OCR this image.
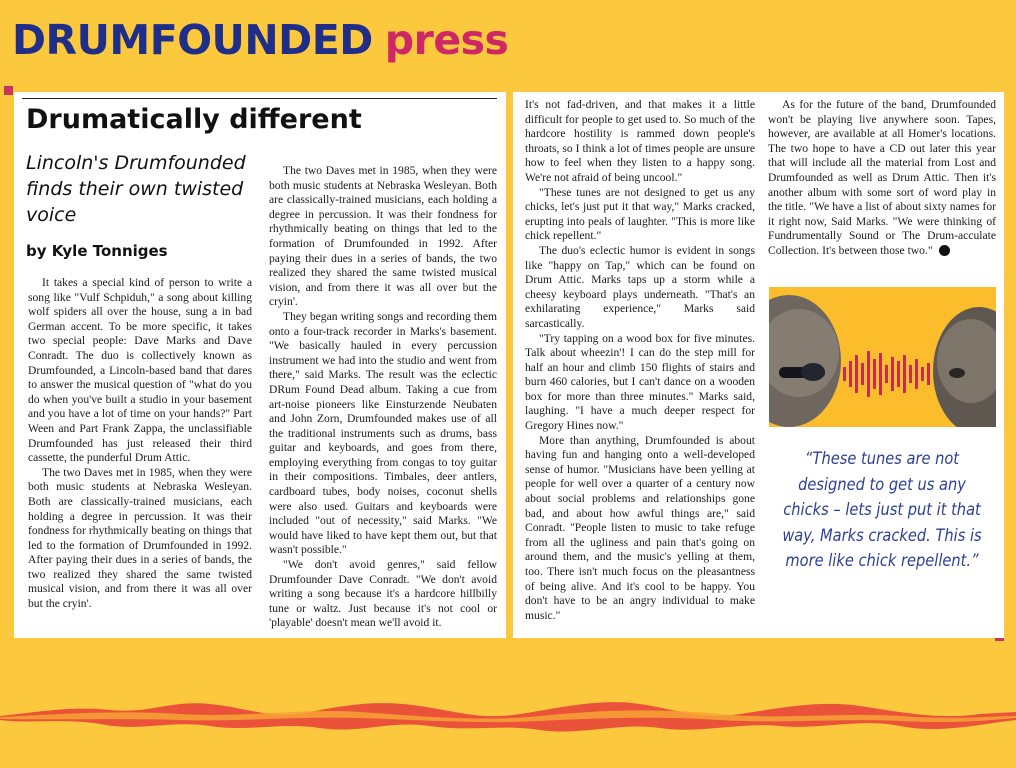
DRUMFOUNDED press
Drumatically different
Lincoln's Drumfounded finds their own twisted voice
by Kyle Tonniges

It takes a special kind of person to write a song like "Vulf Schpiduh," a song about killing wolf spiders all over the house, sung a in bad German accent. To be more specific, it takes two special people: Dave Marks and Dave Conradt. The duo is collectively known as Drumfounded, a Lincoln-based band that dares to answer the musical question of "what do you do when you've built a studio in your basement and you have a lot of time on your hands?" Part Ween and Part Frank Zappa, the unclassifiable Drumfounded has just released their third cassette, the punderful Drum Attic.

The two Daves met in 1985, when they were both music students at Nebraska Wesleyan. Both are classically-trained musicians, each holding a degree in percussion. It was their fondness for rhythmically beating on things that led to the formation of Drumfounded in 1992. After paying their dues in a series of bands, the two realized they shared the same twisted musical vision, and from there it was all over but the cryin'.

The two Daves met in 1985, when they were both music students at Nebraska Wesleyan. Both are classically-trained musicians, each holding a degree in percussion. It was their fondness for rhythmically beating on things that led to the formation of Drumfounded in 1992. After paying their dues in a series of bands, the two realized they shared the same twisted musical vision, and from there it was all over but the cryin'.

They began writing songs and recording them onto a four-track recorder in Marks's basement. "We basically hauled in every percussion instrument we had into the studio and went from there," said Marks. The result was the eclectic DRum Found Dead album. Taking a cue from art-noise pioneers like Einsturzende Neubaten and John Zorn, Drumfounded makes use of all the traditional instruments such as drums, bass guitar and keyboards, and goes from there, employing everything from congas to toy guitar in their compositions. Timbales, deer antlers, cardboard tubes, body noises, coconut shells were also used. Guitars and keyboards were included "out of necessity," said Marks. "We would have liked to have kept them out, but that wasn't possible."

"We don't avoid genres," said fellow Drumfounder Dave Conradt. "We don't avoid writing a song because it's a hardcore hillbilly tune or waltz. Just because it's not cool or 'playable' doesn't mean we'll avoid it.

It's not fad-driven, and that makes it a little difficult for people to get used to. So much of the hardcore hostility is rammed down people's throats, so I think a lot of times people are unsure how to feel when they listen to a happy song. We're not afraid of being uncool."

"These tunes are not designed to get us any chicks, let's just put it that way," Marks cracked, erupting into peals of laughter. "This is more like chick repellent."

The duo's eclectic humor is evident in songs like "happy on Tap," which can be found on Drum Attic. Marks taps up a storm while a cheesy keyboard plays underneath. "That's an exhilarating experience," Marks said sarcastically.

"Try tapping on a wood box for five minutes. Talk about wheezin'! I can do the step mill for half an hour and climb 150 flights of stairs and burn 460 calories, but I can't dance on a wooden box for more than three minutes." Marks said, laughing. "I have a much deeper respect for Gregory Hines now."

More than anything, Drumfounded is about having fun and hanging onto a well-developed sense of humor. "Musicians have been yelling at people for well over a quarter of a century now about social problems and relationships gone bad, and about how awful things are," said Conradt. "People listen to music to take refuge from all the ugliness and pain that's going on around them, and the music's yelling at them, too. There isn't much focus on the pleasantness of being alive. And it's cool to be happy. You don't have to be an angry individual to make music."

As for the future of the band, Drumfounded won't be playing live anywhere soon. Tapes, however, are available at all Homer's locations. The two hope to have a CD out later this year that will include all the material from Lost and Drumfounded as well as Drum Attic. Then it's another album with some sort of word play in the title. "We have a list of about sixty names for it right now, Said Marks. "We were thinking of Fundrumentally Sound or The Drum-acculate Collection. It's between those two."

“These tunes are not designed to get us any chicks – lets just put it that way, Marks cracked. This is more like chick repellent.”
